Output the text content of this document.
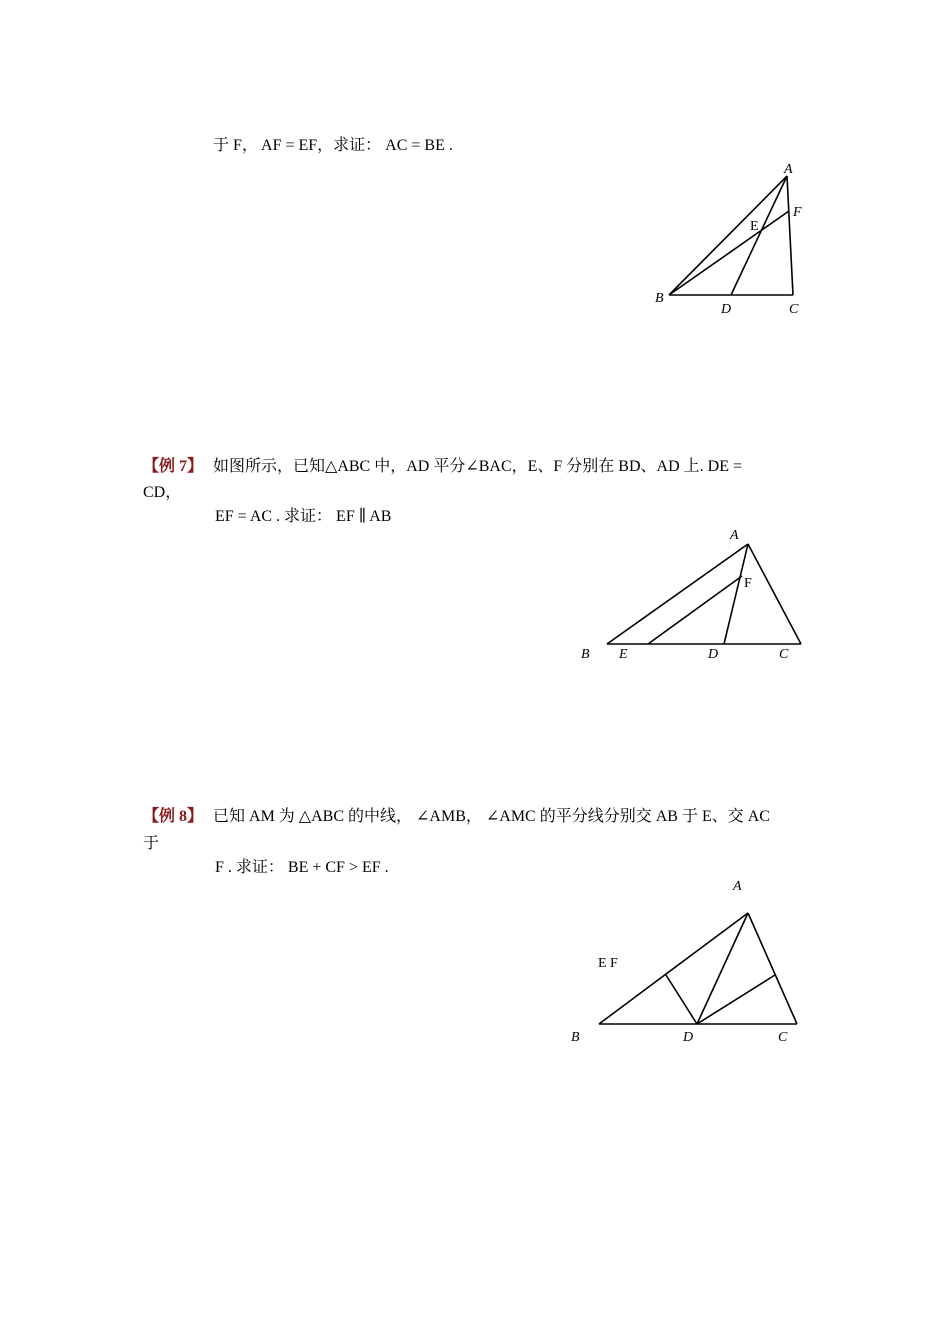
于 F， AF = EF，求证： AC = BE .
【例 7】 如图所示，已知△ABC 中，AD 平分∠BAC，E、F 分别在 BD、AD 上. DE =
CD，
EF = AC . 求证： EF ∥ AB
【例 8】 已知 AM 为 △ABC 的中线， ∠AMB， ∠AMC 的平分线分别交 AB 于 E、交 AC
于
F . 求证： BE + CF > EF .
A
F
E
B
D	C
A
F
B E	D	C
A
E F
B	D	C
